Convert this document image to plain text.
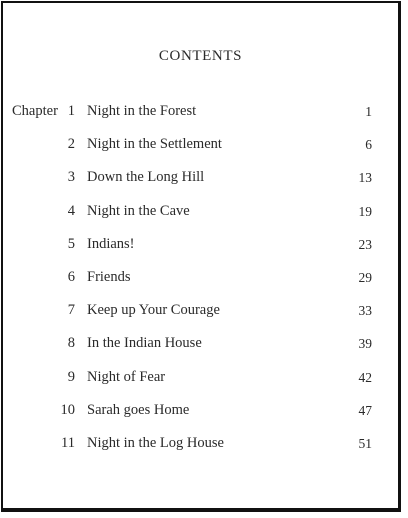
CONTENTS
Chapter 1 Night in the Forest	1
2 Night in the Settlement	6
3 Down the Long Hill	13
4 Night in the Cave	19
5 Indians!	23
6 Friends	29
7 Keep up Your Courage	33
8 In the Indian House	39
9 Night of Fear	42
10 Sarah goes Home	47
11 Night in the Log House	51
